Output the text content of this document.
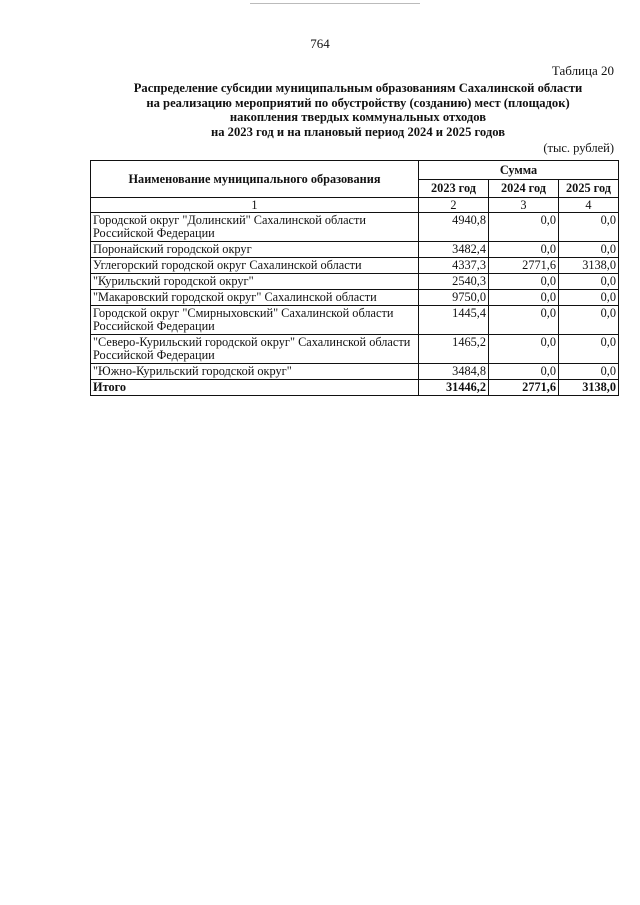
764
Таблица 20
Распределение субсидии муниципальным образованиям Сахалинской области
на реализацию мероприятий по обустройству (созданию) мест (площадок)
накопления твердых коммунальных отходов
на 2023 год и на плановый период 2024 и 2025 годов
(тыс. рублей)
Наименование муниципального образования	Сумма		
	2023 год	2024 год	2025 год
1	2	3	4
Городской округ "Долинский" Сахалинской области Российской Федерации	4940,8	0,0	0,0
Поронайский городской округ	3482,4	0,0	0,0
Углегорский городской округ Сахалинской области	4337,3	2771,6	3138,0
"Курильский городской округ"	2540,3	0,0	0,0
"Макаровский городской округ" Сахалинской области	9750,0	0,0	0,0
Городской округ "Смирныховский" Сахалинской области Российской Федерации	1445,4	0,0	0,0
"Северо-Курильский городской округ" Сахалинской области Российской Федерации	1465,2	0,0	0,0
"Южно-Курильский городской округ"	3484,8	0,0	0,0
Итого	31446,2	2771,6	3138,0
